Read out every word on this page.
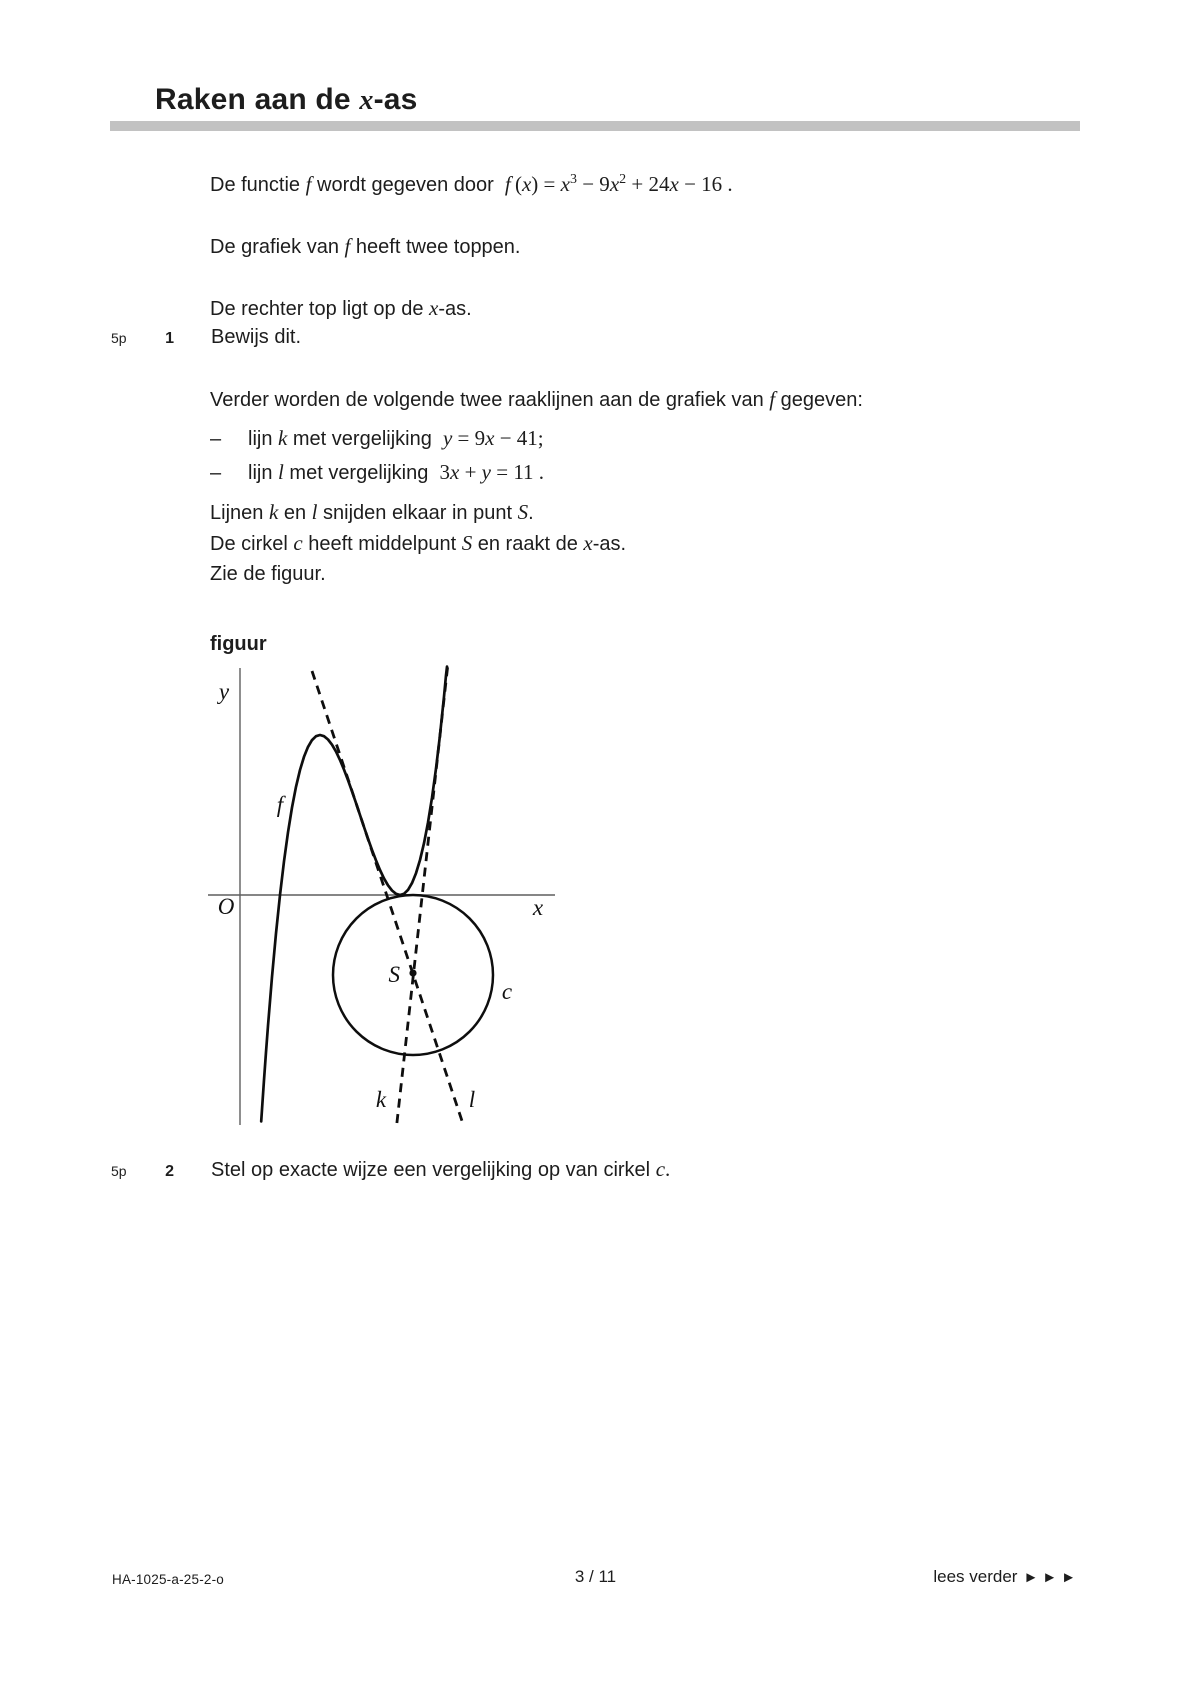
Raken aan de x-as

De functie f wordt gegeven door  f $(x) = x^3 - 9x^2 + 24x - 16$ .

De grafiek van f heeft twee toppen.

De rechter top ligt op de x-as.

5p 1 Bewijs dit.

Verder worden de volgende twee raaklijnen aan de grafiek van f gegeven:

– lijn k met vergelijking  y = 9x − 41;
– lijn l met vergelijking  3x + y = 11 .

Lijnen k en l snijden elkaar in punt S.
De cirkel c heeft middelpunt S en raakt de x-as.
Zie de figuur.

figuur

y
O	x
f
S
c
k	l
5p 2 Stel op exacte wijze een vergelijking op van cirkel c.
HA-1025-a-25-2-o	3 / 11	lees verder ►►►
